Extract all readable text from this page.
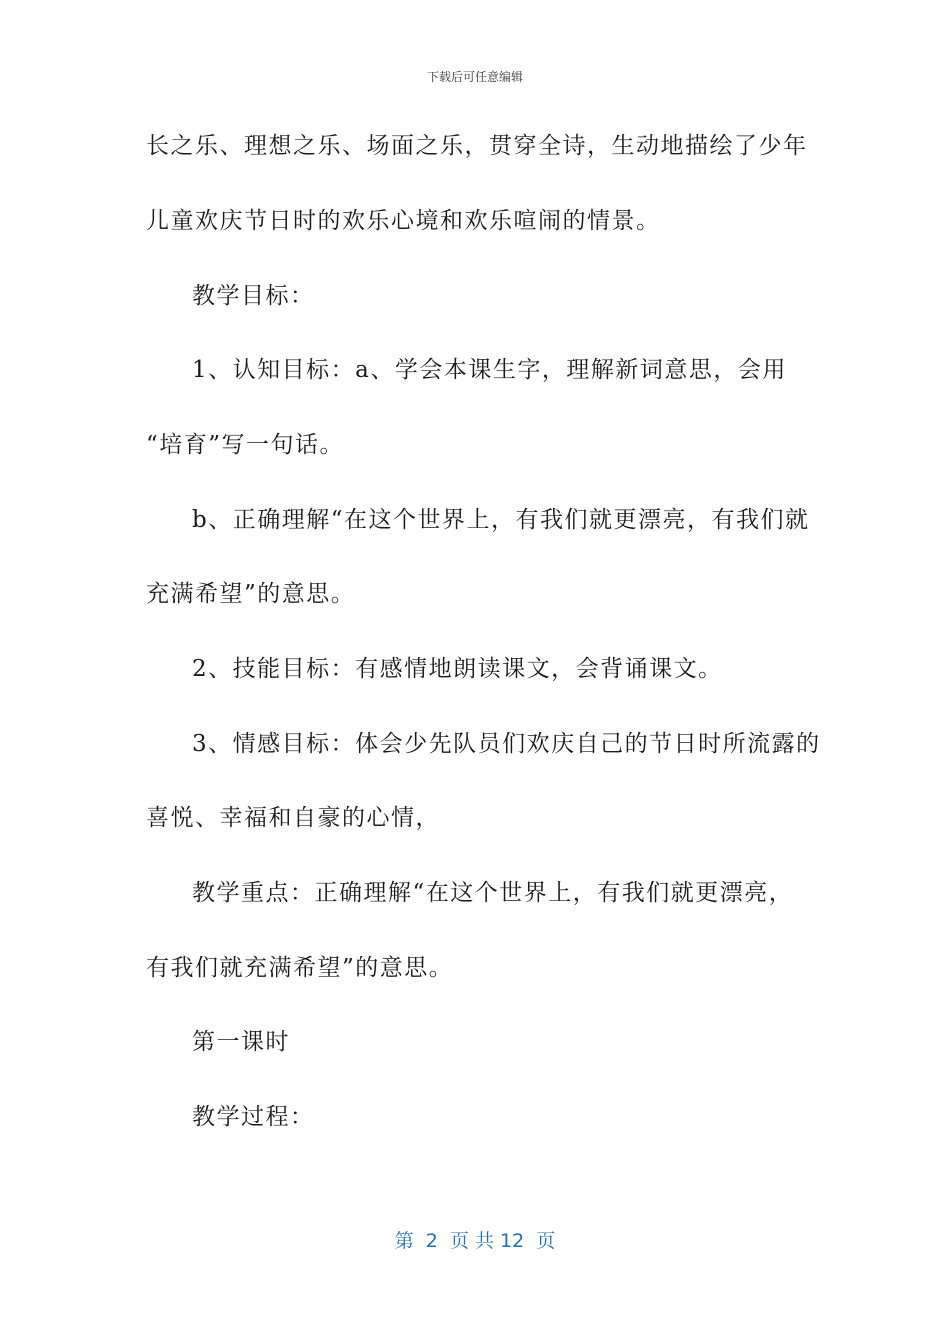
下载后可任意编辑
长之乐、理想之乐、场面之乐，贯穿全诗，生动地描绘了少年
儿童欢庆节日时的欢乐心境和欢乐喧闹的情景。
教学目标：
1、认知目标：a、学会本课生字，理解新词意思，会用
“培育”写一句话。
b、正确理解“在这个世界上，有我们就更漂亮，有我们就
充满希望”的意思。
2、技能目标：有感情地朗读课文，会背诵课文。
3、情感目标：体会少先队员们欢庆自己的节日时所流露的
喜悦、幸福和自豪的心情，
教学重点：正确理解“在这个世界上，有我们就更漂亮，
有我们就充满希望”的意思。
第一课时
教学过程：
第  2  页 共 12  页
